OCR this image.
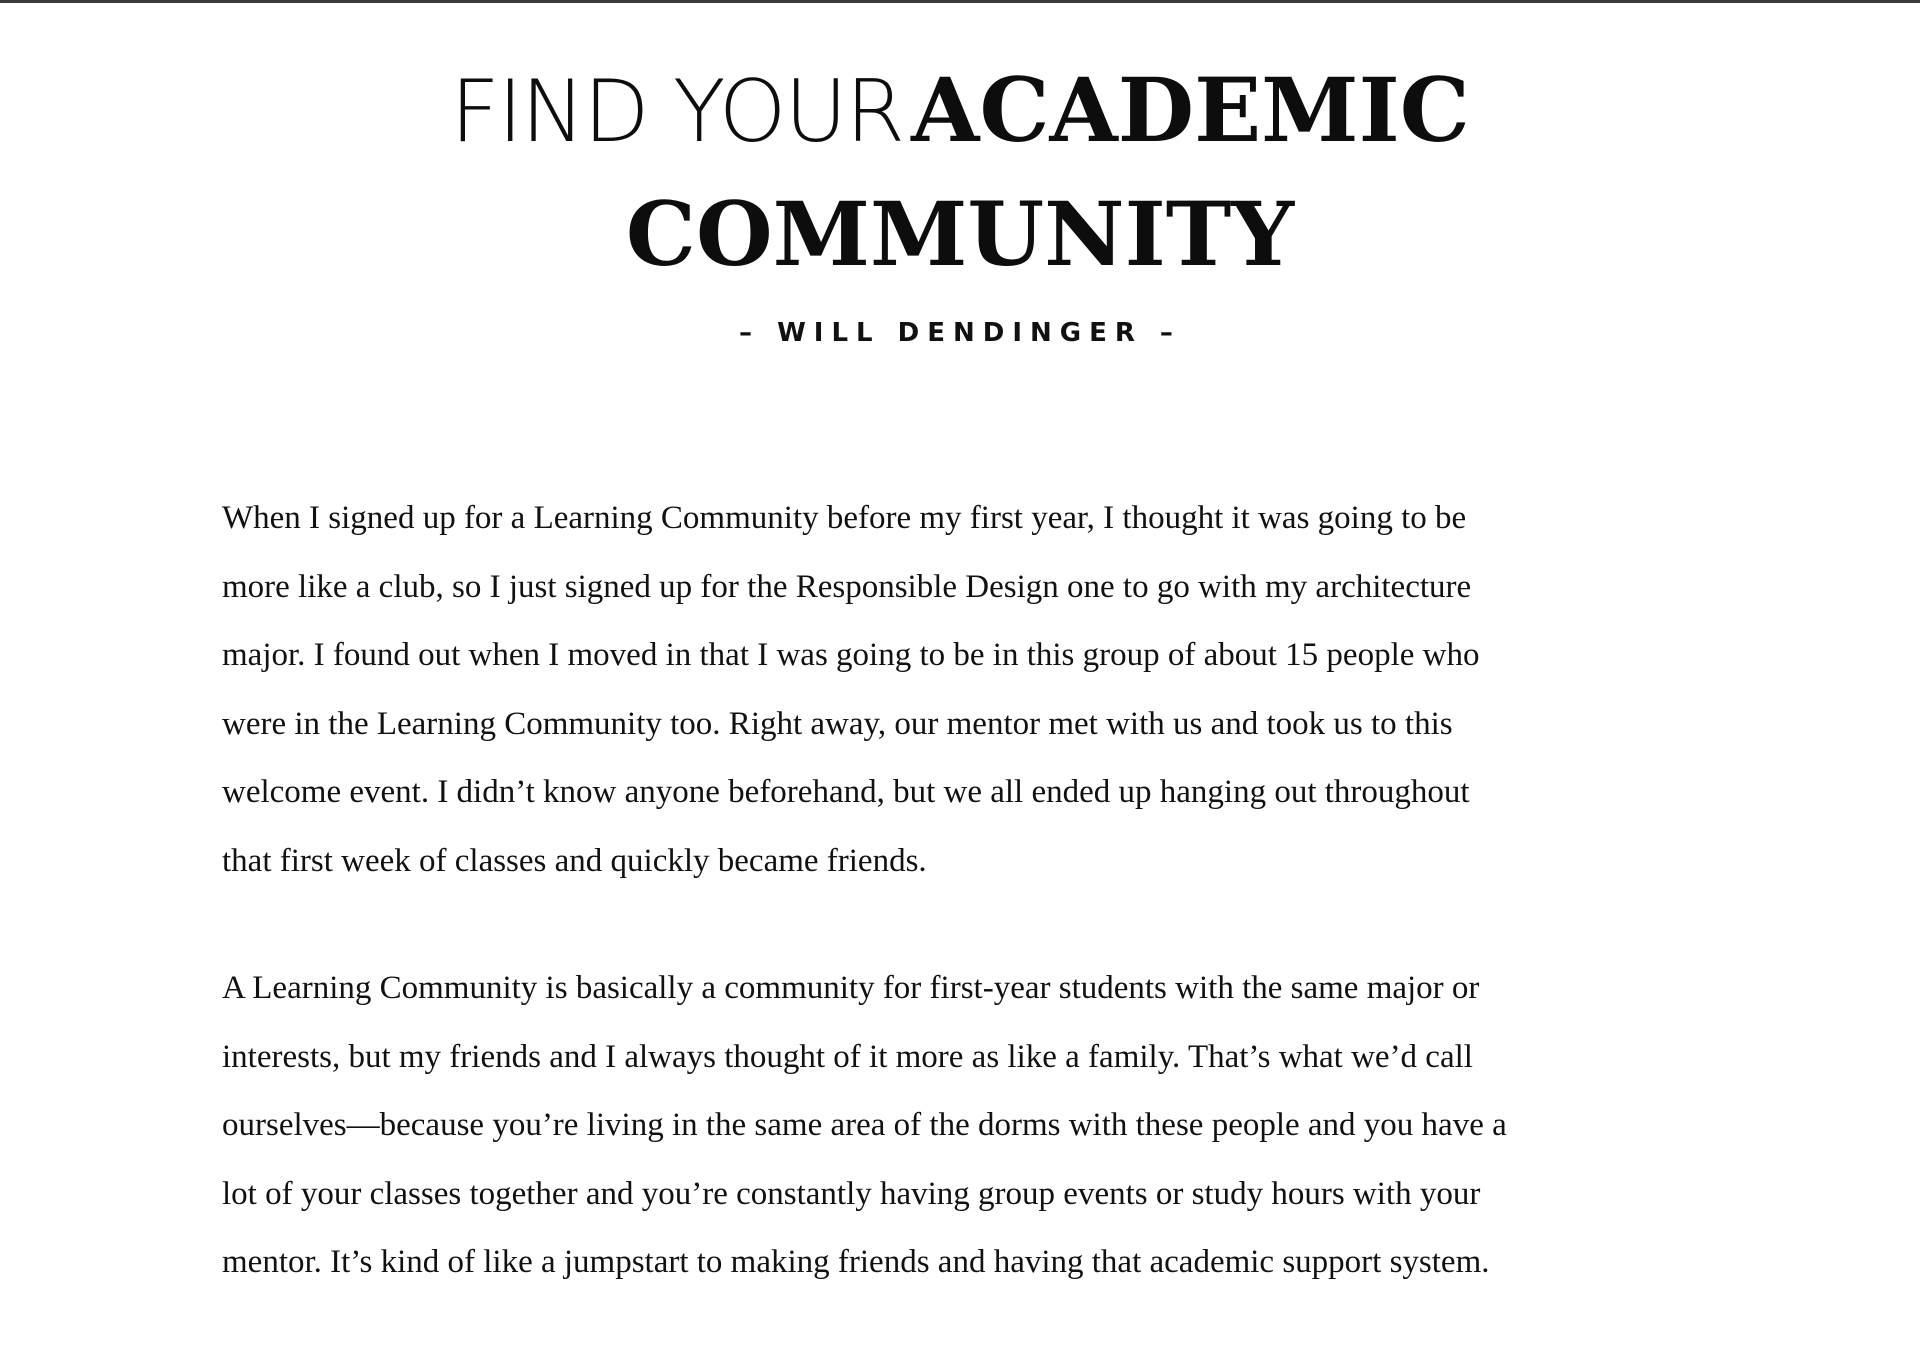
FIND YOUR ACADEMIC
COMMUNITY
– WILL DENDINGER –

When I signed up for a Learning Community before my first year, I thought it was going to be
more like a club, so I just signed up for the Responsible Design one to go with my architecture
major. I found out when I moved in that I was going to be in this group of about 15 people who
were in the Learning Community too. Right away, our mentor met with us and took us to this
welcome event. I didn’t know anyone beforehand, but we all ended up hanging out throughout
that first week of classes and quickly became friends.

A Learning Community is basically a community for first-year students with the same major or
interests, but my friends and I always thought of it more as like a family. That’s what we’d call
ourselves—because you’re living in the same area of the dorms with these people and you have a
lot of your classes together and you’re constantly having group events or study hours with your
mentor. It’s kind of like a jumpstart to making friends and having that academic support system.
